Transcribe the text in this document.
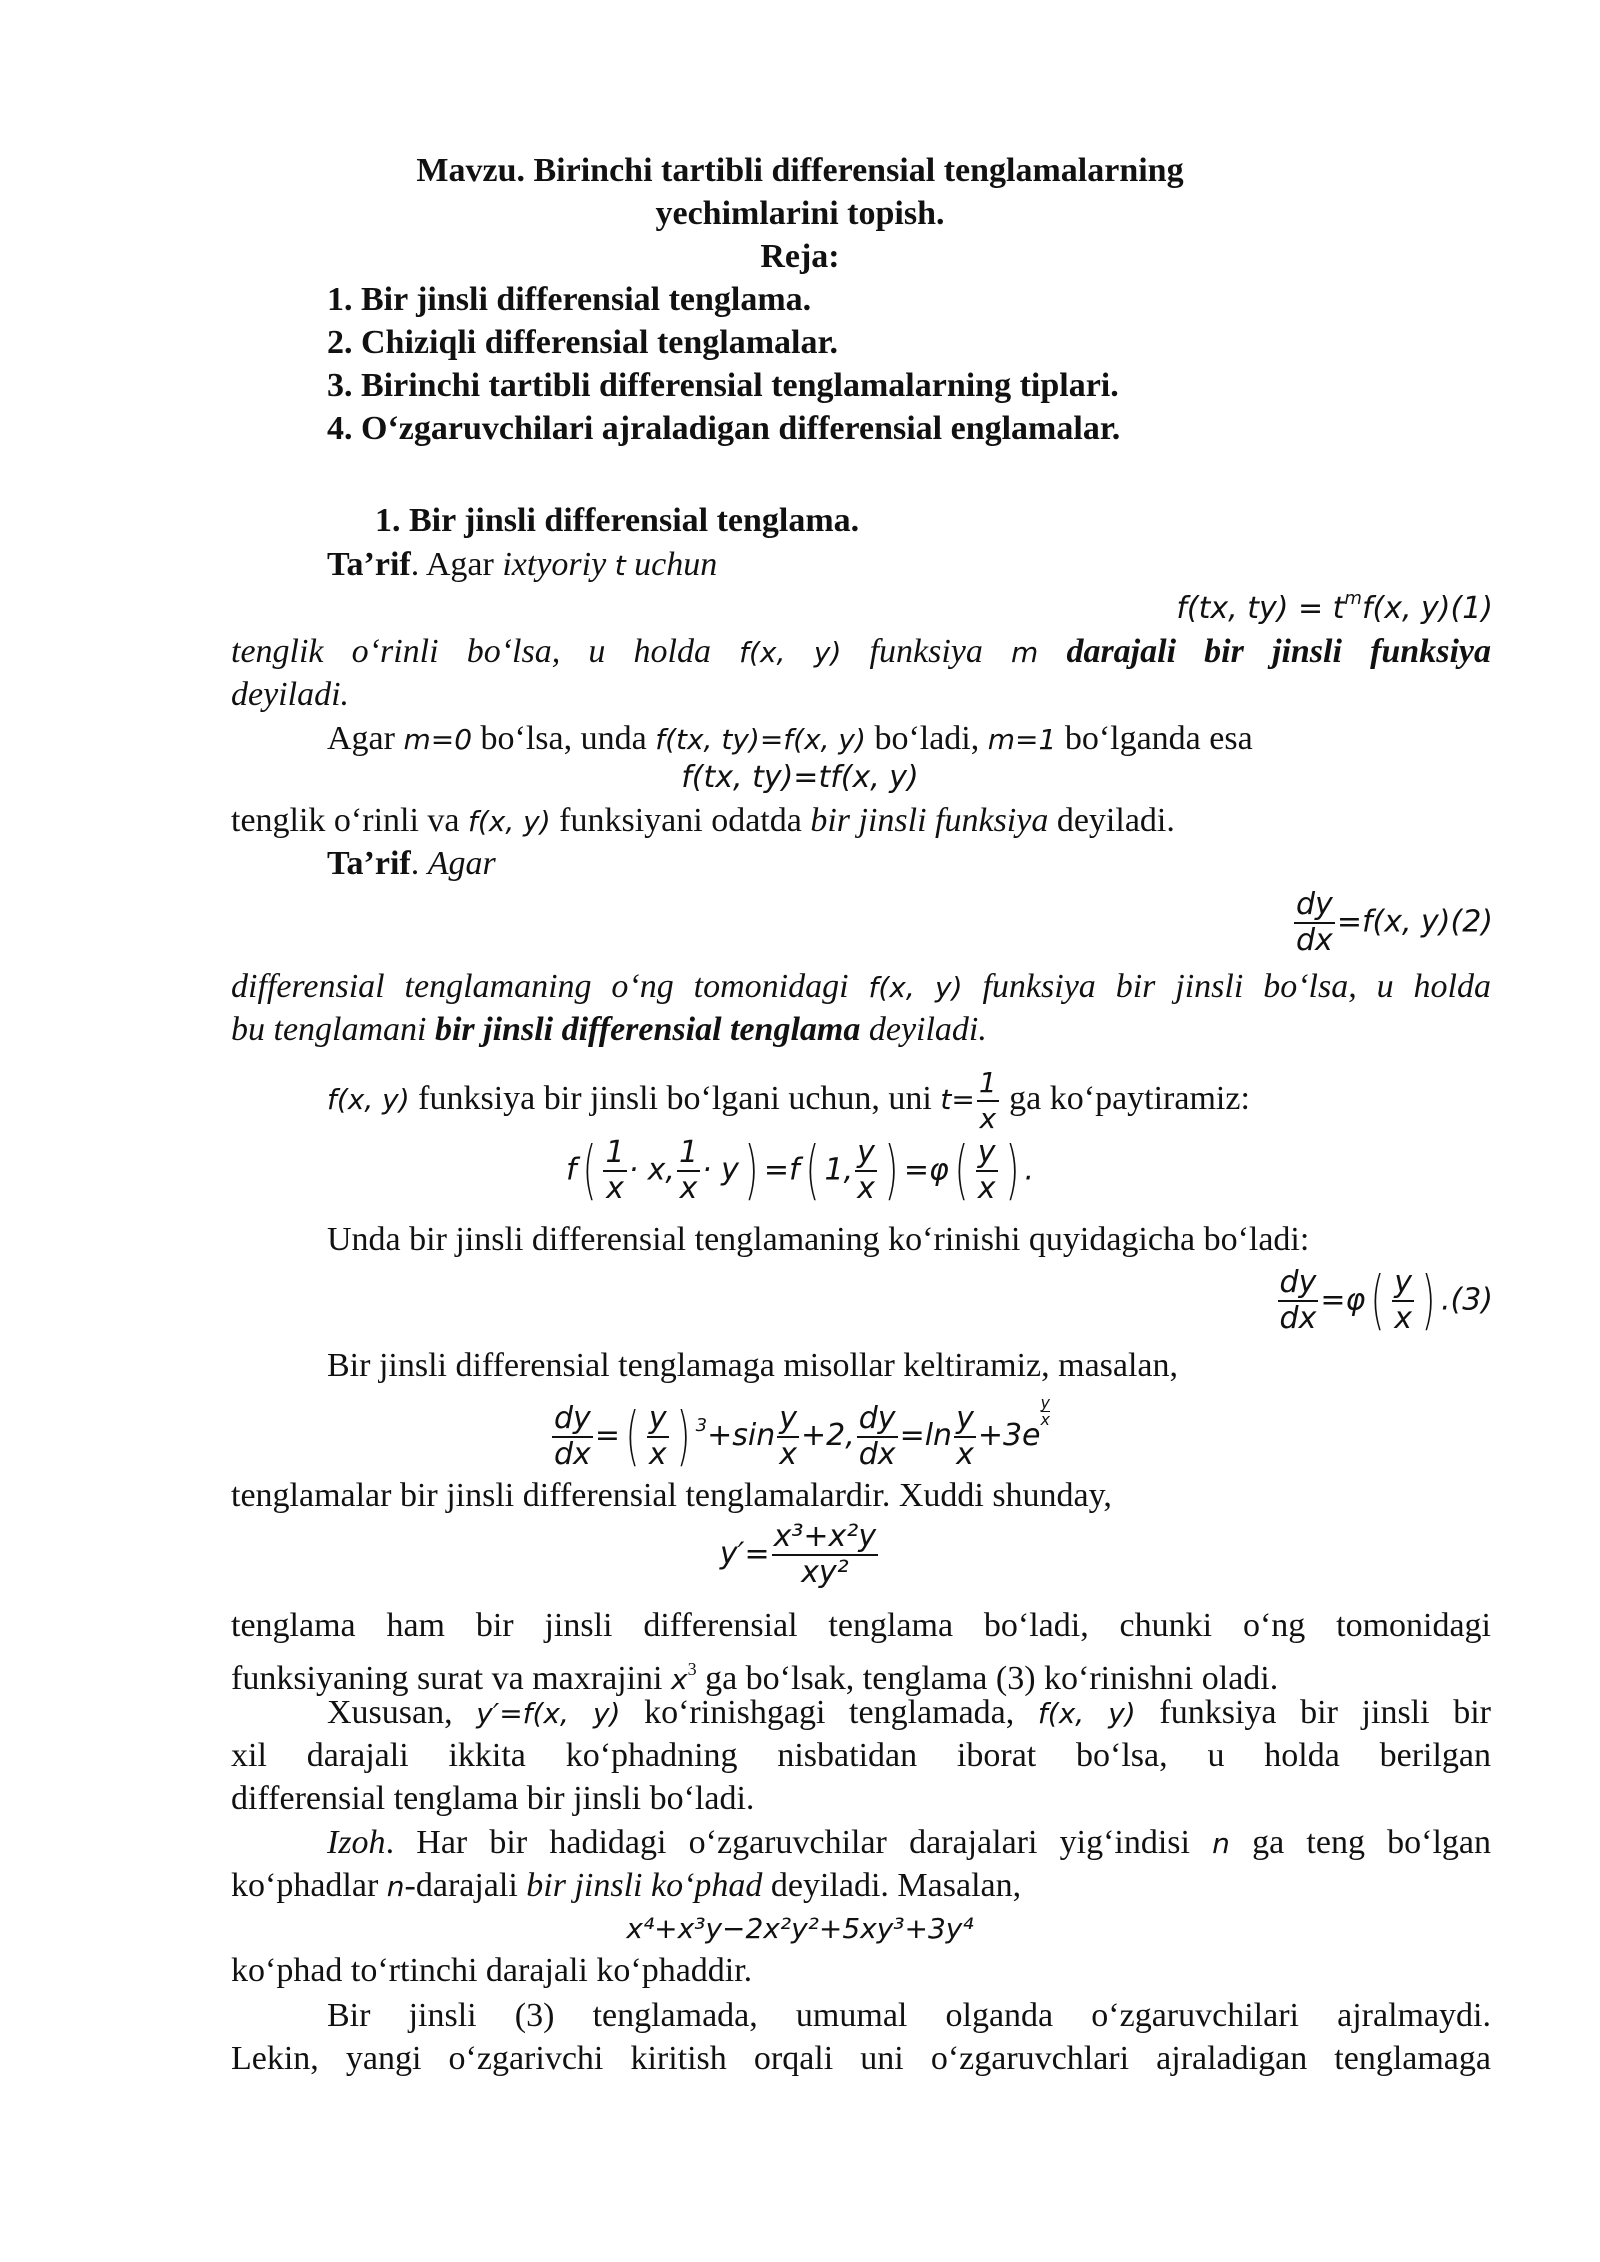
Mavzu. Birinchi tartibli differensial tenglamalarning
yechimlarini topish.
Reja:
1. Bir jinsli differensial tenglama.
2. Chiziqli differensial tenglamalar.
3. Birinchi tartibli differensial tenglamalarning tiplari.
4. O‘zgaruvchilari ajraladigan differensial englamalar.
1. Bir jinsli differensial tenglama.
Ta’rif. Agar ixtyoriy t uchun
f(tx, $ty) = t^mf(x$, y)(1)
tenglik o‘rinli bo‘lsa, u holda f(x, y) funksiya m darajali bir jinsli funksiya
deyiladi.
Agar m=0 bo‘lsa, unda f(tx, ty)=f(x, y) bo‘ladi, m=1 bo‘lganda esa
f(tx, ty)=tf(x, y)
tenglik o‘rinli va f(x, y) funksiyani odatda bir jinsli funksiya deyiladi.
Ta’rif. Agar
$\frac{dy}{dx} =f(x$, y)(2)
differensial tenglamaning o‘ng tomonidagi f(x, y) funksiya bir jinsli bo‘lsa, u holda
bu tenglamani bir jinsli differensial tenglama deyiladi.
f(x, y) funksiya bir jinsli bo‘lgani uchun, uni $t= \frac{1}{x}$ ga ko‘paytiramiz:
$f( \frac{1}{x} \cdot x$, $\frac{1}{x} \cdot y) =f$( 1, $\frac{y}{x}$ ) $=\varphi( \frac{y}{x}$ ) .
Unda bir jinsli differensial tenglamaning ko‘rinishi quyidagicha bo‘ladi:
$\frac{dy}{dx} =\varphi( \frac{y}{x}$ ) .(3)
Bir jinsli differensial tenglamaga misollar keltiramiz, masalan,
$\frac{dy}{dx}$ =( $\frac{y}{x}$ ) $^3+\sin \frac{y}{x} +2$, $\frac{dy}{dx} =\ln \frac{y}{x} +3e$
$\frac{y}{x}$
tenglamalar bir jinsli differensial tenglamalardir. Xuddi shunday,
$y'= \frac{\text{x³+x²y}}{\text{xy²}}$
tenglama ham bir jinsli differensial tenglama bo‘ladi, chunki o‘ng tomonidagi
funksiyaning surat va maxrajini $x^3$ ga bo‘lsak, tenglama (3) ko‘rinishni oladi.
Xususan, y′=f(x, y) ko‘rinishgagi tenglamada, f(x, y) funksiya bir jinsli bir
xil darajali ikkita ko‘phadning nisbatidan iborat bo‘lsa, u holda berilgan
differensial tenglama bir jinsli bo‘ladi.
Izoh. Har bir hadidagi o‘zgaruvchilar darajalari yig‘indisi n ga teng bo‘lgan
ko‘phadlar n-darajali bir jinsli ko‘phad deyiladi. Masalan,
x⁴+x³y−2x²y²+5xy³+3y⁴
ko‘phad to‘rtinchi darajali ko‘phaddir.
Bir jinsli (3) tenglamada, umumal olganda o‘zgaruvchilari ajralmaydi.
Lekin, yangi o‘zgarivchi kiritish orqali uni o‘zgaruvchlari ajraladigan tenglamaga
